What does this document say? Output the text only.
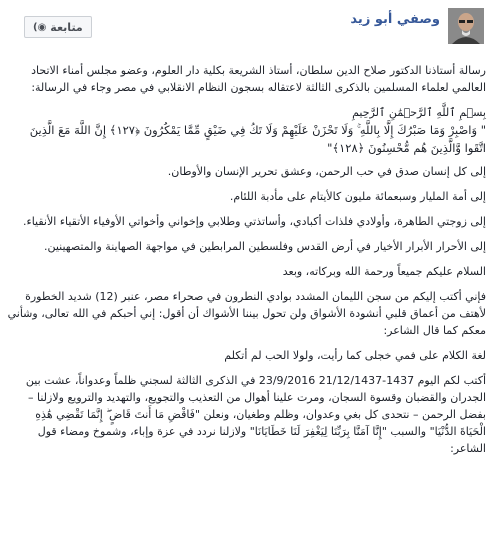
وصفي أبو زيد
متابعة
◉)

رسالة أستاذنا الدكتور صلاح الدين سلطان، أستاذ الشريعة بكلية دار العلوم، وعضو مجلس أمناء الاتحاد العالمي لعلماء المسلمين بالذكرى الثالثة لاعتقاله بسجون النظام الانقلابي في مصر وجاء في الرسالة:

بِسۡمِ ٱللَّهِ ٱلرَّحۡمَٰنِ ٱلرَّحِيمِ

" وَاصْبِرْ وَمَا صَبْرُكَ إِلَّا بِاللَّهِ ۚ وَلَا تَحْزَنْ عَلَيْهِمْ وَلَا تَكُ فِي ضَيْقٍ مِّمَّا يَمْكُرُونَ ﴿١٢٧﴾ إِنَّ اللَّهَ مَعَ الَّذِينَ اتَّقَوا وَّالَّذِينَ هُم مُّحْسِنُونَ ﴿١٢٨﴾"

إلى كل إنسان صدق في حب الرحمن، وعشق تحرير الإنسان والأوطان.

إلى أمة المليار وسبعمائة مليون كالأيتام على مأدبة اللئام.

إلى زوجتي الطاهرة، وأولادي فلذات أكبادي، وأساتذتي وطلابي وإخواني وأخواتي الأوفياء الأتقياء الأنقياء.

إلى الأحرار الأبرار الأخيار في أرض القدس وفلسطين المرابطين في مواجهة الصهاينة والمتصهينين.

السلام عليكم جميعاً ورحمة الله وبركاته، وبعد

فإني أكتب إليكم من سجن الليمان المشدد بوادي النطرون في صحراء مصر، عنبر (12) شديد الخطورة لأهتف من أعماق قلبي أنشودة الأشواق ولن تحول بيننا الأشواك أن أقول: إني أحبكم في الله تعالى، وشأني معكم كما قال الشاعر:

لغة الكلام على فمي خجلى كما رأيت، ولولا الحب لم أتكلم

أكتب لكم اليوم 1437-21/12/1437 23/9/2016 في الذكرى الثالثة لسجني ظلماً وعدواناً، عشت بين الجدران والقضبان وقسوة السجان، ومرت علينا أهوال من التعذيب والتجويع، والتهديد والترويع ولازلنا – بفضل الرحمن – نتحدى كل بغي وعدوان، وظلم وطغيان، ونعلن "فَاقْضِ مَا أَنتَ قَاضٍ ۖ إِنَّمَا تَقْضِي هَٰذِهِ الْحَيَاةَ الدُّنْيَا" والسبب "إِنَّا آمَنَّا بِرَبِّنَا لِيَغْفِرَ لَنَا خَطَايَانَا" ولازلنا نردد في عزة وإباء، وشموخ ومضاء قول الشاعر:
